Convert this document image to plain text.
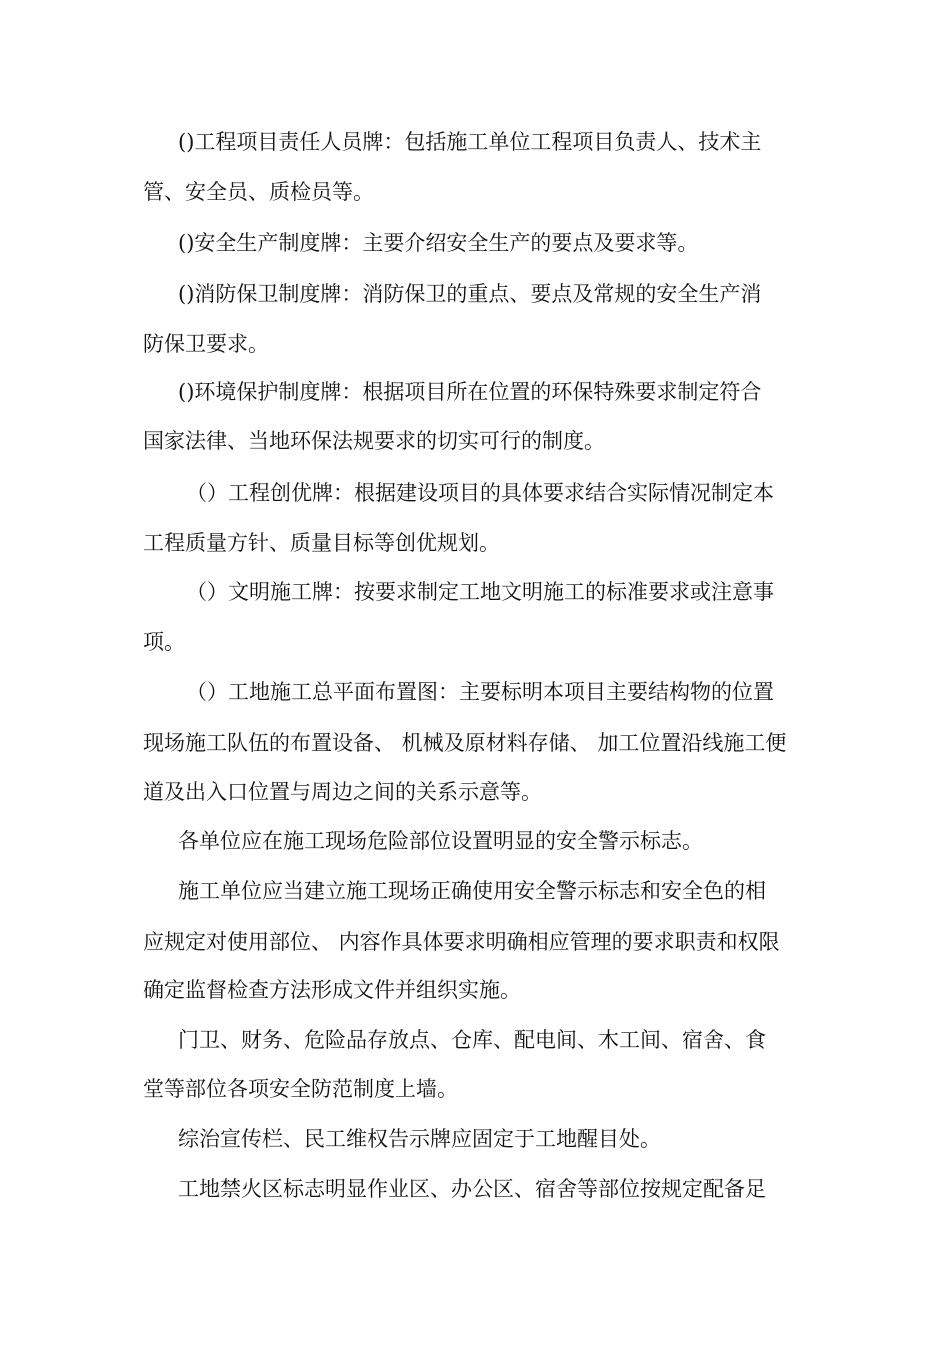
()工程项目责任人员牌：包括施工单位工程项目负责人、技术主
管、安全员、质检员等。
()安全生产制度牌：主要介绍安全生产的要点及要求等。
()消防保卫制度牌：消防保卫的重点、要点及常规的安全生产消
防保卫要求。
()环境保护制度牌：根据项目所在位置的环保特殊要求制定符合
国家法律、当地环保法规要求的切实可行的制度。
（）工程创优牌：根据建设项目的具体要求结合实际情况制定本
工程质量方针、质量目标等创优规划。
（）文明施工牌：按要求制定工地文明施工的标准要求或注意事
项。
（）工地施工总平面布置图：主要标明本项目主要结构物的位置
现场施工队伍的布置设备、 机械及原材料存储、 加工位置沿线施工便
道及出入口位置与周边之间的关系示意等。
各单位应在施工现场危险部位设置明显的安全警示标志。
施工单位应当建立施工现场正确使用安全警示标志和安全色的相
应规定对使用部位、 内容作具体要求明确相应管理的要求职责和权限
确定监督检查方法形成文件并组织实施。
门卫、财务、危险品存放点、仓库、配电间、木工间、宿舍、食
堂等部位各项安全防范制度上墙。
综治宣传栏、民工维权告示牌应固定于工地醒目处。
工地禁火区标志明显作业区、办公区、宿舍等部位按规定配备足
